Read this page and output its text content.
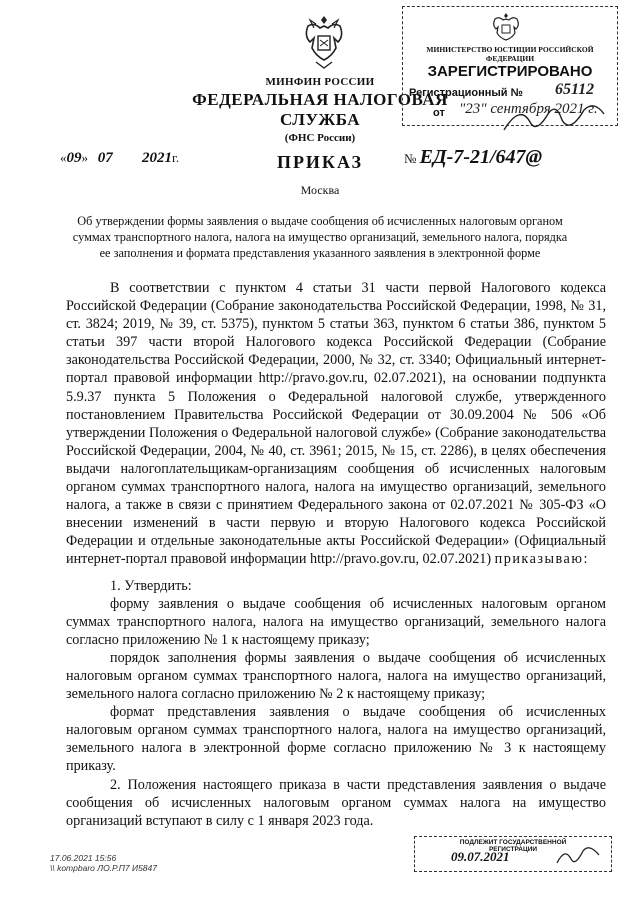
МИНФИН РОССИИ
ФЕДЕРАЛЬНАЯ НАЛОГОВАЯ СЛУЖБА
(ФНС России)
ПРИКАЗ
МИНИСТЕРСТВО ЮСТИЦИИ РОССИЙСКОЙ ФЕДЕРАЦИИ
ЗАРЕГИСТРИРОВАНО
Регистрационный № 65112
от "23" сентября 2021 г.
«09» 07 2021г.	№ ЕД-7-21/647@
Москва
Об утверждении формы заявления о выдаче сообщения об исчисленных налоговым органом суммах транспортного налога, налога на имущество организаций, земельного налога, порядка ее заполнения и формата представления указанного заявления в электронной форме

В соответствии с пунктом 4 статьи 31 части первой Налогового кодекса Российской Федерации (Собрание законодательства Российской Федерации, 1998, № 31, ст. 3824; 2019, № 39, ст. 5375), пунктом 5 статьи 363, пунктом 6 статьи 386, пунктом 5 статьи 397 части второй Налогового кодекса Российской Федерации (Собрание законодательства Российской Федерации, 2000, № 32, ст. 3340; Официальный интернет-портал правовой информации http://pravo.gov.ru, 02.07.2021), на основании подпункта 5.9.37 пункта 5 Положения о Федеральной налоговой службе, утвержденного постановлением Правительства Российской Федерации от 30.09.2004 № 506 «Об утверждении Положения о Федеральной налоговой службе» (Собрание законодательства Российской Федерации, 2004, № 40, ст. 3961; 2015, № 15, ст. 2286), в целях обеспечения выдачи налогоплательщикам-организациям сообщения об исчисленных налоговым органом суммах транспортного налога, налога на имущество организаций, земельного налога, а также в связи с принятием Федерального закона от 02.07.2021 № 305-ФЗ «О внесении изменений в части первую и вторую Налогового кодекса Российской Федерации и отдельные законодательные акты Российской Федерации» (Официальный интернет-портал правовой информации http://pravo.gov.ru, 02.07.2021) приказываю:

1. Утвердить:

форму заявления о выдаче сообщения об исчисленных налоговым органом суммах транспортного налога, налога на имущество организаций, земельного налога согласно приложению № 1 к настоящему приказу;

порядок заполнения формы заявления о выдаче сообщения об исчисленных налоговым органом суммах транспортного налога, налога на имущество организаций, земельного налога согласно приложению № 2 к настоящему приказу;

формат представления заявления о выдаче сообщения об исчисленных налоговым органом суммах транспортного налога, налога на имущество организаций, земельного налога в электронной форме согласно приложению № 3 к настоящему приказу.

2. Положения настоящего приказа в части представления заявления о выдаче сообщения об исчисленных налоговым органом суммах налога на имущество организаций вступают в силу с 1 января 2023 года.

17.06.2021 15:56
\\ kompbaro ЛО.Р.П7 И5847
ПОДЛЕЖИТ ГОСУДАРСТВЕННОЙ
РЕГИСТРАЦИИ
09.07.2021
